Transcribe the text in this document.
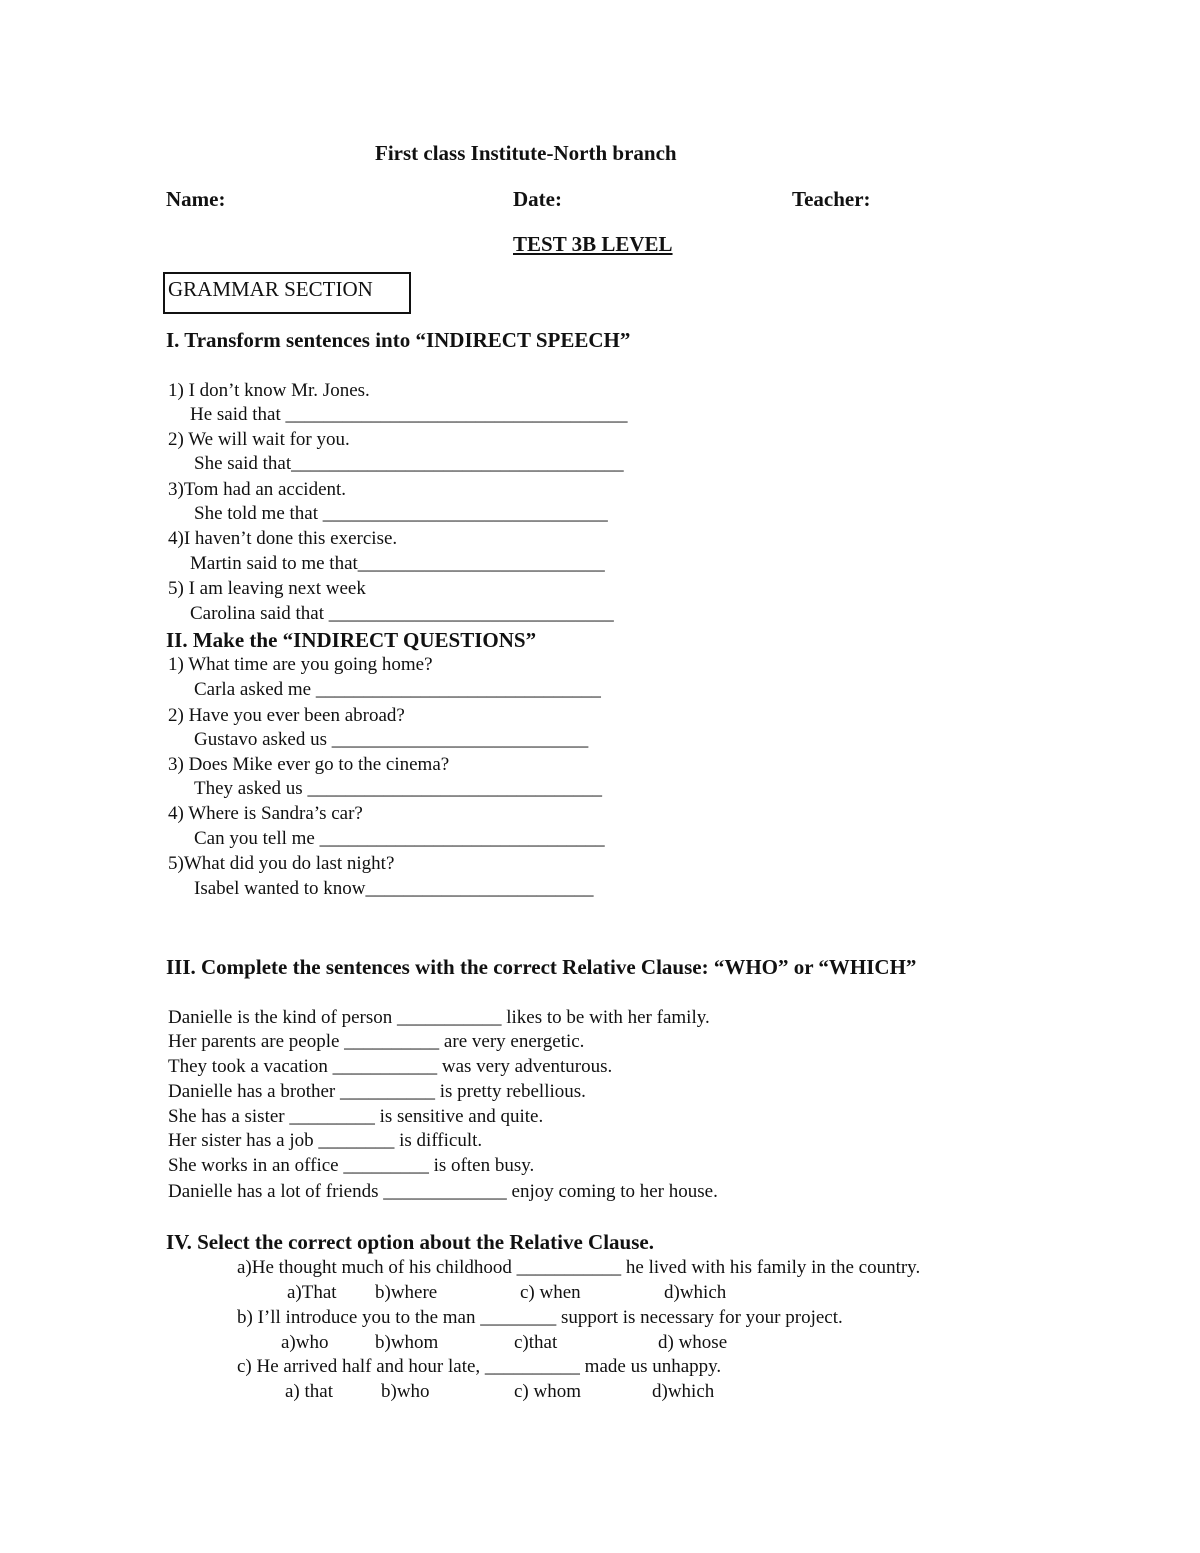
First class Institute-North branch
Name:	Date:	Teacher:
TEST 3B LEVEL
GRAMMAR SECTION
I. Transform sentences into “INDIRECT SPEECH”
1) I don’t know Mr. Jones.
He said that ____________________________________
2) We will wait for you.
She said that___________________________________
3)Tom had an accident.
She told me that ______________________________
4)I haven’t done this exercise.
Martin said to me that__________________________
5) I am leaving next week
Carolina said that ______________________________
II. Make the “INDIRECT QUESTIONS”
1) What time are you going home?
Carla asked me ______________________________
2) Have you ever been abroad?
Gustavo asked us ___________________________
3) Does Mike ever go to the cinema?
They asked us _______________________________
4) Where is Sandra’s car?
Can you tell me ______________________________
5)What did you do last night?
Isabel wanted to know________________________
III. Complete the sentences with the correct Relative Clause: “WHO” or “WHICH”
Danielle is the kind of person ___________ likes to be with her family.
Her parents are people __________ are very energetic.
They took a vacation ___________ was very adventurous.
Danielle has a brother __________ is pretty rebellious.
She has a sister _________ is sensitive and quite.
Her sister has a job ________ is difficult.
She works in an office _________ is often busy.
Danielle has a lot of friends _____________ enjoy coming to her house.
IV. Select the correct option about the Relative Clause.
a)He thought much of his childhood ___________ he lived with his family in the country.
a)That b)where	c) when	d)which
b) I’ll introduce you to the man ________ support is necessary for your project.
a)who b)whom	c)that	d) whose
c) He arrived half and hour late, __________ made us unhappy.
a) that	b)who	c) whom	d)which
